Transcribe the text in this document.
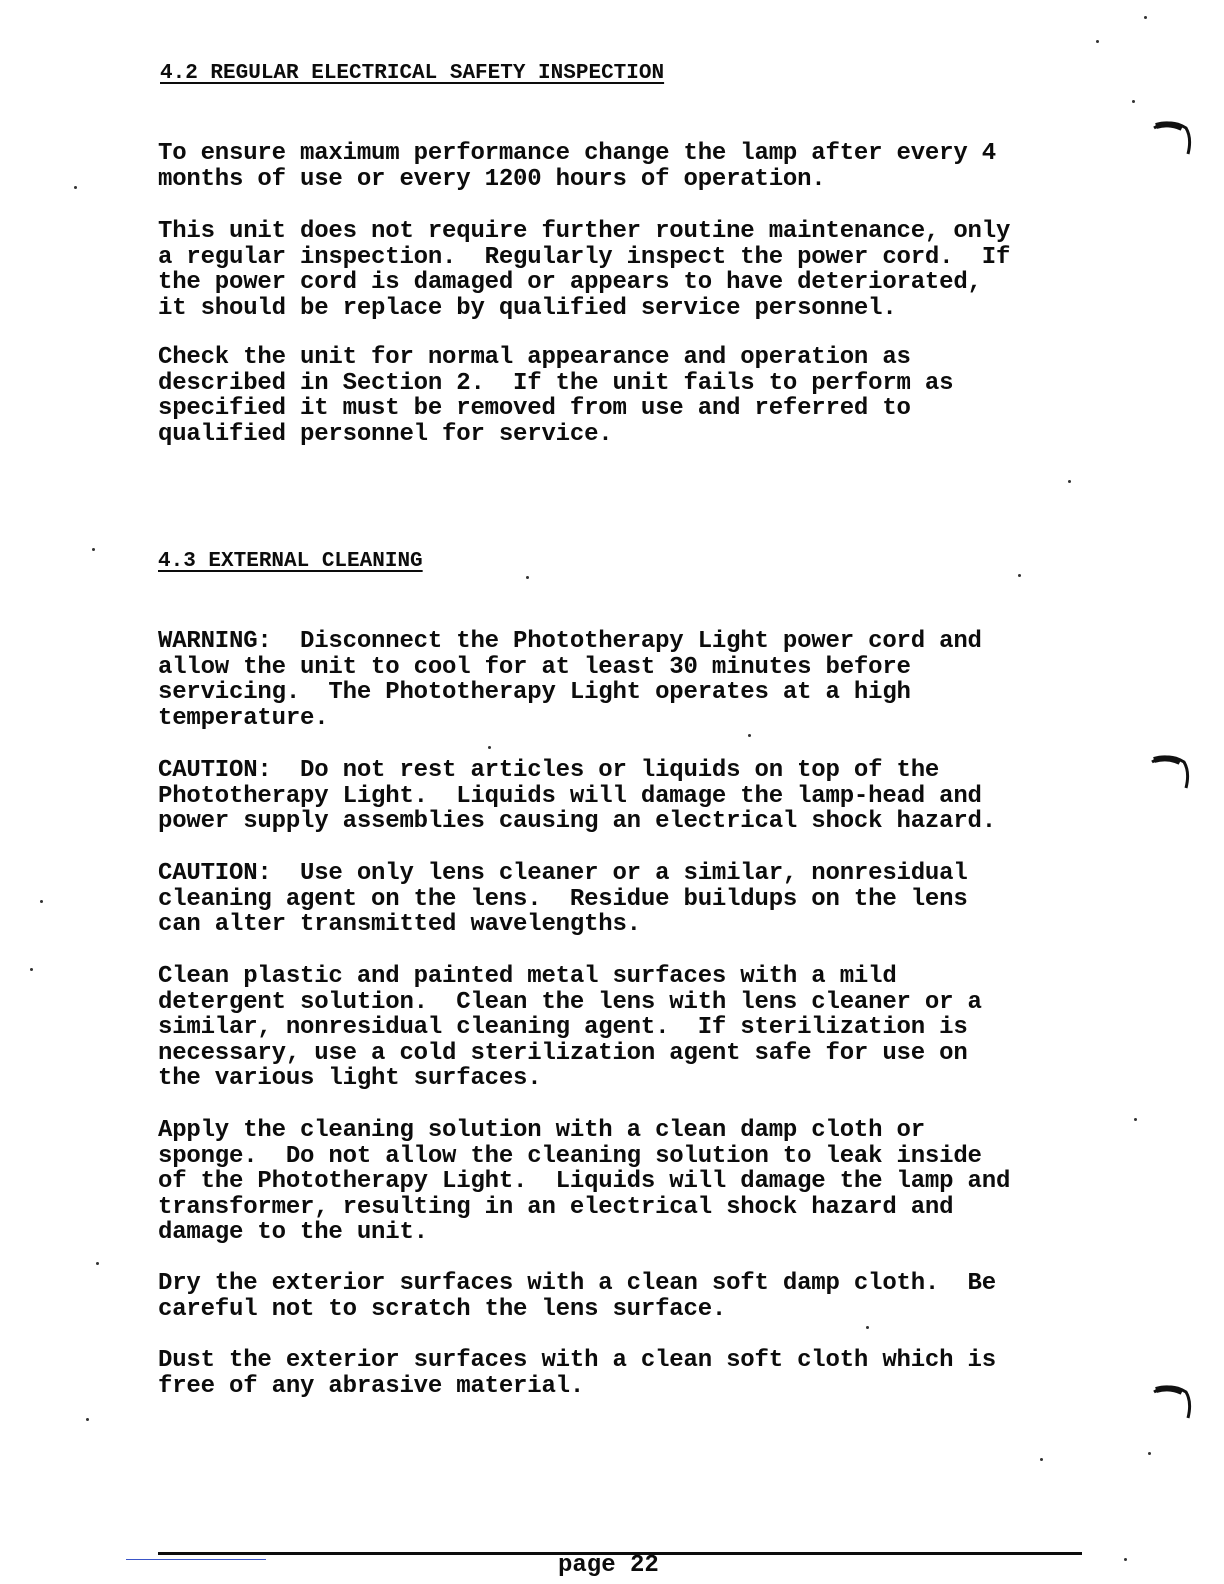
4.2 REGULAR ELECTRICAL SAFETY INSPECTION

To ensure maximum performance change the lamp after every 4
months of use or every 1200 hours of operation.

This unit does not require further routine maintenance, only
a regular inspection.  Regularly inspect the power cord.  If
the power cord is damaged or appears to have deteriorated,
it should be replace by qualified service personnel.

Check the unit for normal appearance and operation as
described in Section 2.  If the unit fails to perform as
specified it must be removed from use and referred to
qualified personnel for service.

4.3 EXTERNAL CLEANING

WARNING:  Disconnect the Phototherapy Light power cord and
allow the unit to cool for at least 30 minutes before
servicing.  The Phototherapy Light operates at a high
temperature.

CAUTION:  Do not rest articles or liquids on top of the
Phototherapy Light.  Liquids will damage the lamp-head and
power supply assemblies causing an electrical shock hazard.

CAUTION:  Use only lens cleaner or a similar, nonresidual
cleaning agent on the lens.  Residue buildups on the lens
can alter transmitted wavelengths.

Clean plastic and painted metal surfaces with a mild
detergent solution.  Clean the lens with lens cleaner or a
similar, nonresidual cleaning agent.  If sterilization is
necessary, use a cold sterilization agent safe for use on
the various light surfaces.

Apply the cleaning solution with a clean damp cloth or
sponge.  Do not allow the cleaning solution to leak inside
of the Phototherapy Light.  Liquids will damage the lamp and
transformer, resulting in an electrical shock hazard and
damage to the unit.

Dry the exterior surfaces with a clean soft damp cloth.  Be
careful not to scratch the lens surface.

Dust the exterior surfaces with a clean soft cloth which is
free of any abrasive material.

page 22
